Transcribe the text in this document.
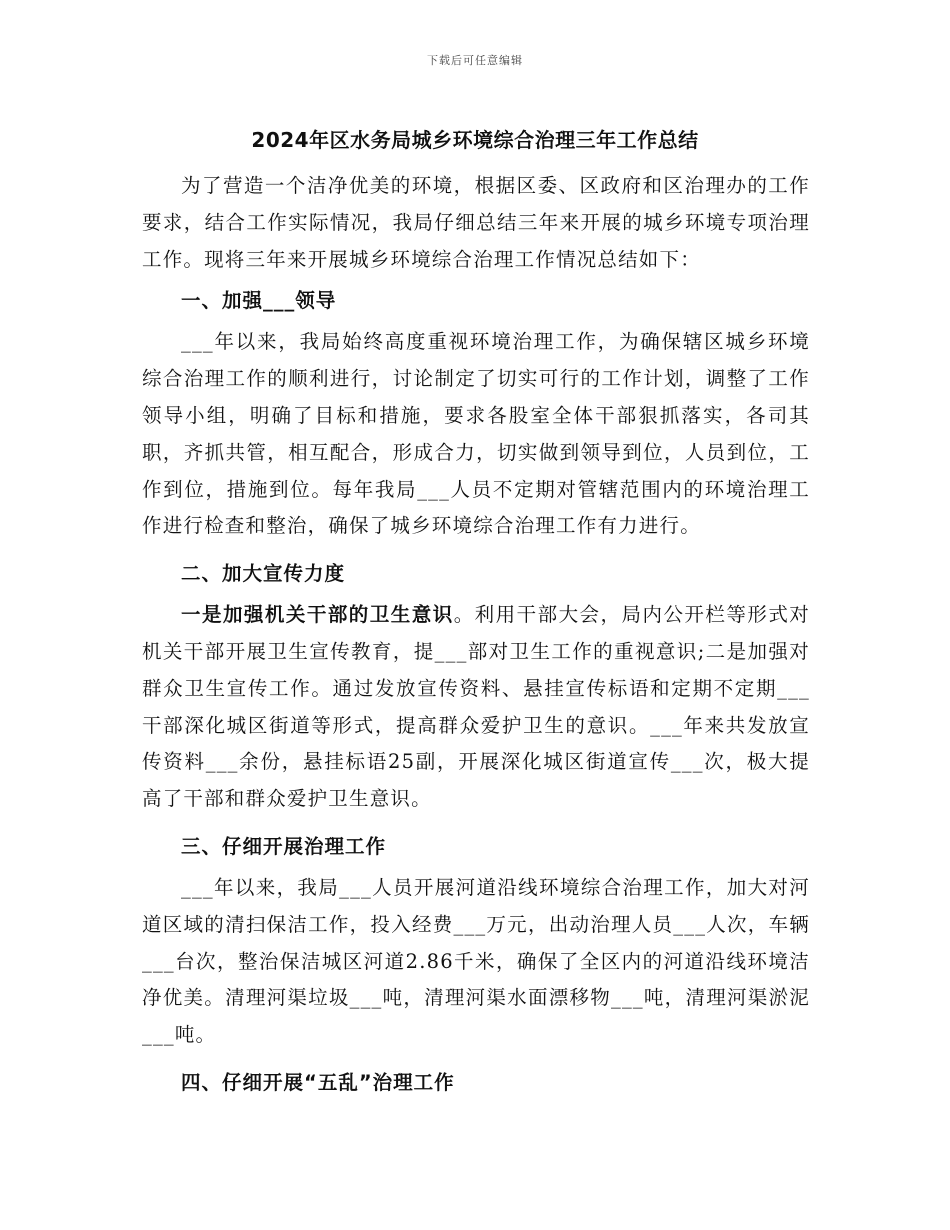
下载后可任意编辑
2024年区水务局城乡环境综合治理三年工作总结

为了营造一个洁净优美的环境，根据区委、区政府和区治理办的工作要求，结合工作实际情况，我局仔细总结三年来开展的城乡环境专项治理工作。现将三年来开展城乡环境综合治理工作情况总结如下：

一、加强___领导

___年以来，我局始终高度重视环境治理工作，为确保辖区城乡环境综合治理工作的顺利进行，讨论制定了切实可行的工作计划，调整了工作领导小组，明确了目标和措施，要求各股室全体干部狠抓落实，各司其职，齐抓共管，相互配合，形成合力，切实做到领导到位，人员到位，工作到位，措施到位。每年我局___人员不定期对管辖范围内的环境治理工作进行检查和整治，确保了城乡环境综合治理工作有力进行。

二、加大宣传力度

一是加强机关干部的卫生意识。利用干部大会，局内公开栏等形式对机关干部开展卫生宣传教育，提___部对卫生工作的重视意识;二是加强对群众卫生宣传工作。通过发放宣传资料、悬挂宣传标语和定期不定期___干部深化城区街道等形式，提高群众爱护卫生的意识。___年来共发放宣传资料___余份，悬挂标语25副，开展深化城区街道宣传___次，极大提高了干部和群众爱护卫生意识。

三、仔细开展治理工作

___年以来，我局___人员开展河道沿线环境综合治理工作，加大对河道区域的清扫保洁工作，投入经费___万元，出动治理人员___人次，车辆___台次，整治保洁城区河道2.86千米，确保了全区内的河道沿线环境洁净优美。清理河渠垃圾___吨，清理河渠水面漂移物___吨，清理河渠淤泥___吨。

四、仔细开展“五乱”治理工作
